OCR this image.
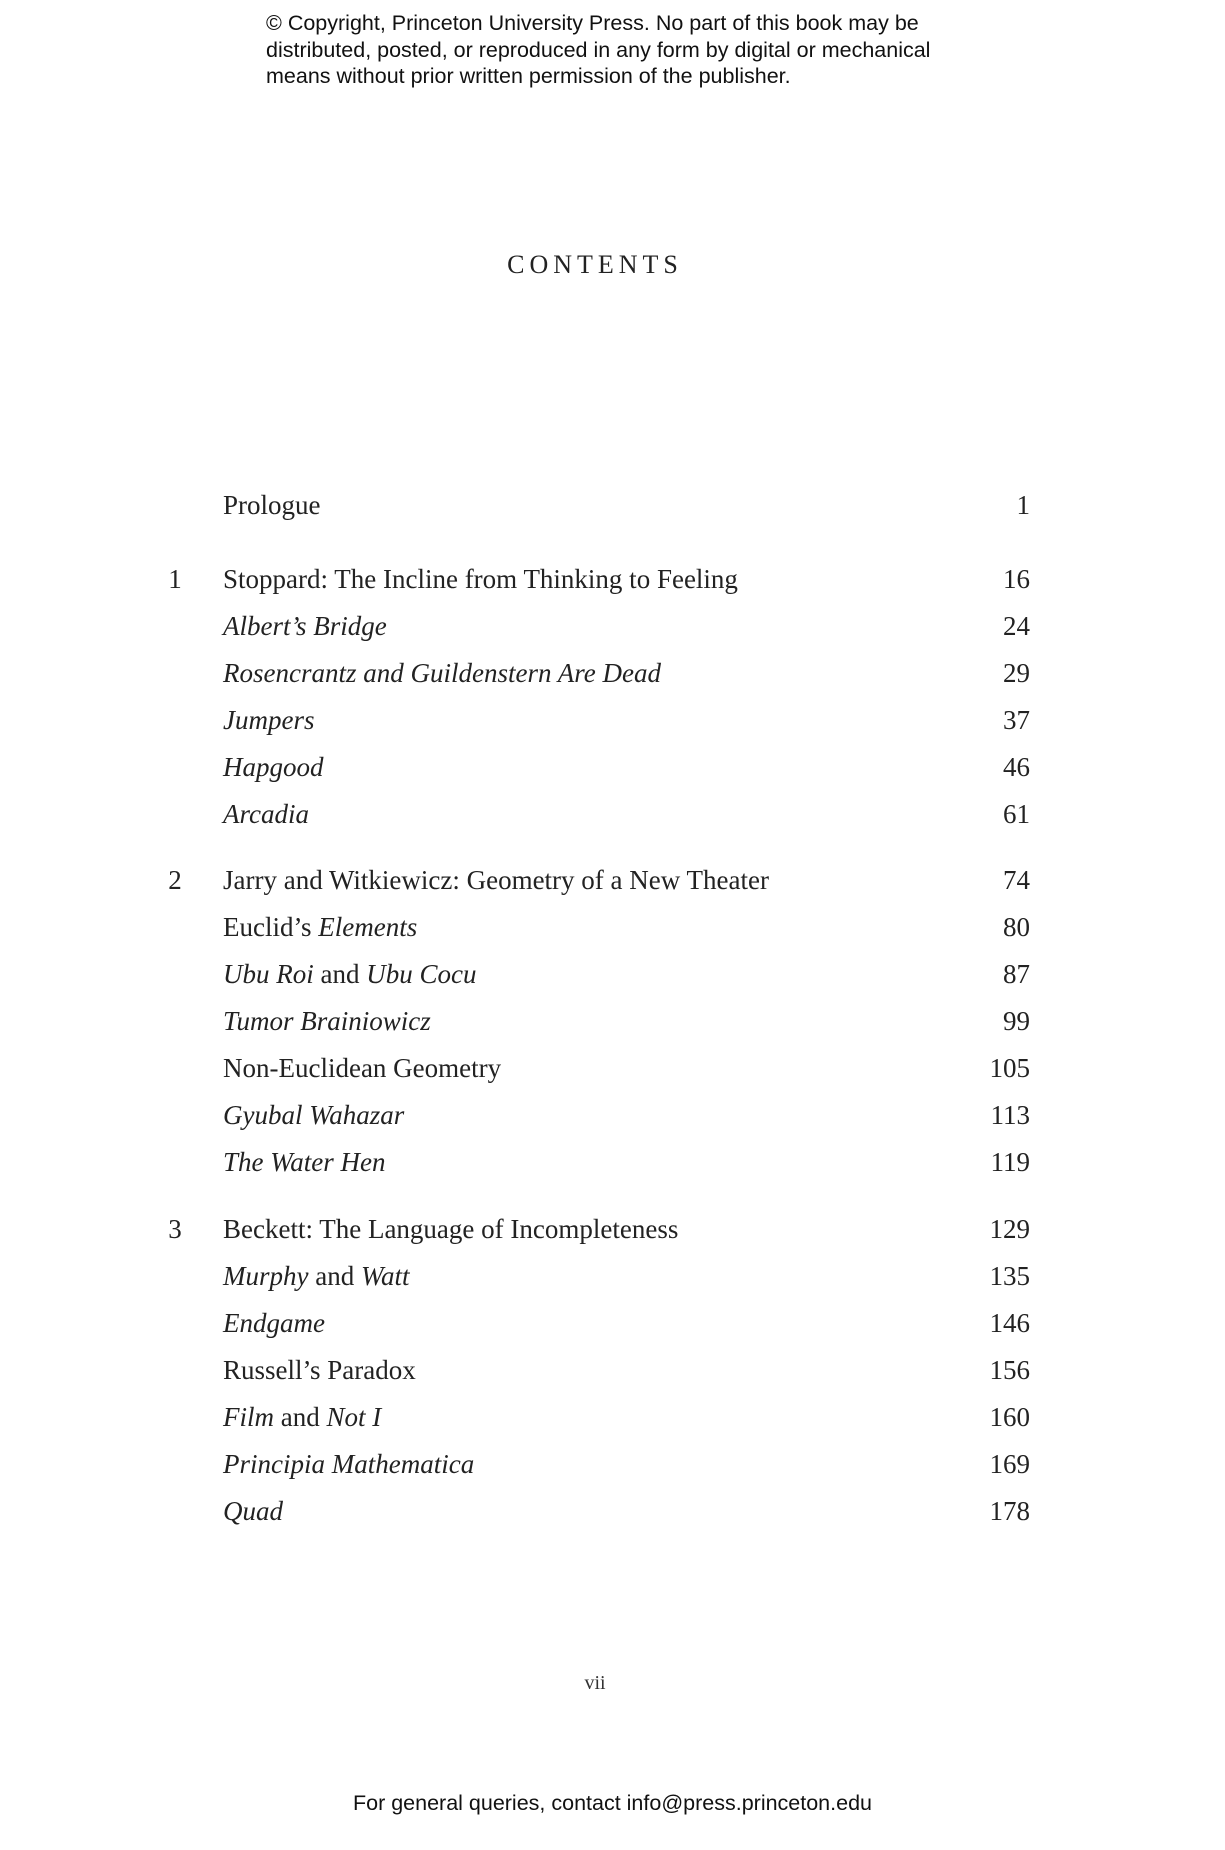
© Copyright, Princeton University Press. No part of this book may be
distributed, posted, or reproduced in any form by digital or mechanical
means without prior written permission of the publisher.
CONTENTS
Prologue	1
1	Stoppard: The Incline from Thinking to Feeling	16
Albert’s Bridge	24
Rosencrantz and Guildenstern Are Dead	29
Jumpers	37
Hapgood	46
Arcadia	61
2	Jarry and Witkiewicz: Geometry of a New Theater	74
Euclid’s Elements	80
Ubu Roi and Ubu Cocu	87
Tumor Brainiowicz	99
Non-Euclidean Geometry	105
Gyubal Wahazar	113
The Water Hen	119
3	Beckett: The Language of Incompleteness	129
Murphy and Watt	135
Endgame	146
Russell’s Paradox	156
Film and Not I	160
Principia Mathematica	169
Quad	178
vii
For general queries, contact info@press.princeton.edu
